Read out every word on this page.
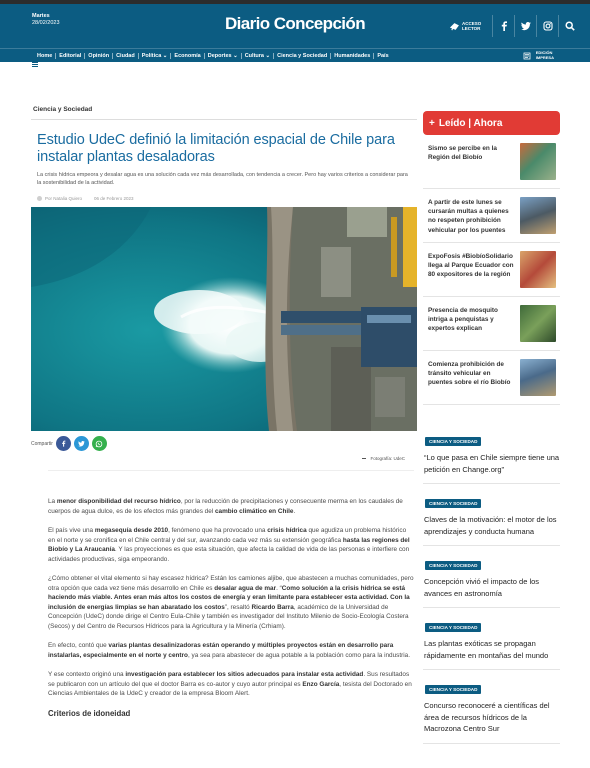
Martes
28/02/2023	Diario Concepción	ACCESO
LECTOR
Home	Editorial	Opinión	Ciudad	Política ⌄	Economía	Deportes ⌄	Cultura ⌄	Ciencia y Sociedad	Humanidades	País
EDICIÓN
IMPRESA
Ciencia y Sociedad
Estudio UdeC definió la limitación espacial de Chile para instalar plantas desaladoras
La crisis hídrica empeora y desalar agua es una solución cada vez más desarrollada, con tendencia a crecer. Pero hay varios criterios a considerar para la sostenibilidad de la actividad.
Por Natalia Quiero	06 de Febrero 2023
Compartir
Fotografía: UdeC

La menor disponibilidad del recurso hídrico, por la reducción de precipitaciones y consecuente merma en los caudales de cuerpos de agua dulce, es de los efectos más grandes del cambio climático en Chile.

El país vive una megasequía desde 2010, fenómeno que ha provocado una crisis hídrica que agudiza un problema histórico en el norte y se cronifica en el Chile central y del sur, avanzando cada vez más su extensión geográfica hasta las regiones del Biobío y La Araucanía. Y las proyecciones es que esta situación, que afecta la calidad de vida de las personas e interfiere con actividades productivas, siga empeorando.

¿Cómo obtener el vital elemento si hay escasez hídrica? Están los camiones aljibe, que abastecen a muchas comunidades, pero otra opción que cada vez tiene más desarrollo en Chile es desalar agua de mar. “Como solución a la crisis hídrica se está haciendo más viable. Antes eran más altos los costos de energía y eran limitante para establecer esta actividad. Con la inclusión de energías limpias se han abaratado los costos”, resaltó Ricardo Barra, académico de la Universidad de Concepción (UdeC) donde dirige el Centro Eula-Chile y también es investigador del Instituto Milenio de Socio-Ecología Costera (Secos) y del Centro de Recursos Hídricos para la Agricultura y la Minería (Crhiam).

En efecto, contó que varias plantas desalinizadoras están operando y múltiples proyectos están en desarrollo para instalarlas, especialmente en el norte y centro, ya sea para abastecer de agua potable a la población como para la industria.

Y ese contexto originó una investigación para establecer los sitios adecuados para instalar esta actividad. Sus resultados se publicaron con un artículo del que el doctor Barra es co-autor y cuyo autor principal es Enzo García, tesista del Doctorado en Ciencias Ambientales de la UdeC y creador de la empresa Bloom Alert.

Criterios de idoneidad
+ Leído | Ahora
Sismo se percibe en la Región del Biobío
A partir de este lunes se cursarán multas a quienes no respeten prohibición vehicular por los puentes
ExpoFosis #BiobíoSolidario llega al Parque Ecuador con 80 expositores de la región
Presencia de mosquito intriga a penquistas y expertos explican
Comienza prohibición de tránsito vehicular en puentes sobre el río Biobío
CIENCIA Y SOCIEDAD
“Lo que pasa en Chile siempre tiene una petición en Change.org”
CIENCIA Y SOCIEDAD
Claves de la motivación: el motor de los aprendizajes y conducta humana
CIENCIA Y SOCIEDAD
Concepción vivió el impacto de los avances en astronomía
CIENCIA Y SOCIEDAD
Las plantas exóticas se propagan rápidamente en montañas del mundo
CIENCIA Y SOCIEDAD
Concurso reconoceré a científicas del área de recursos hídricos de la Macrozona Centro Sur
